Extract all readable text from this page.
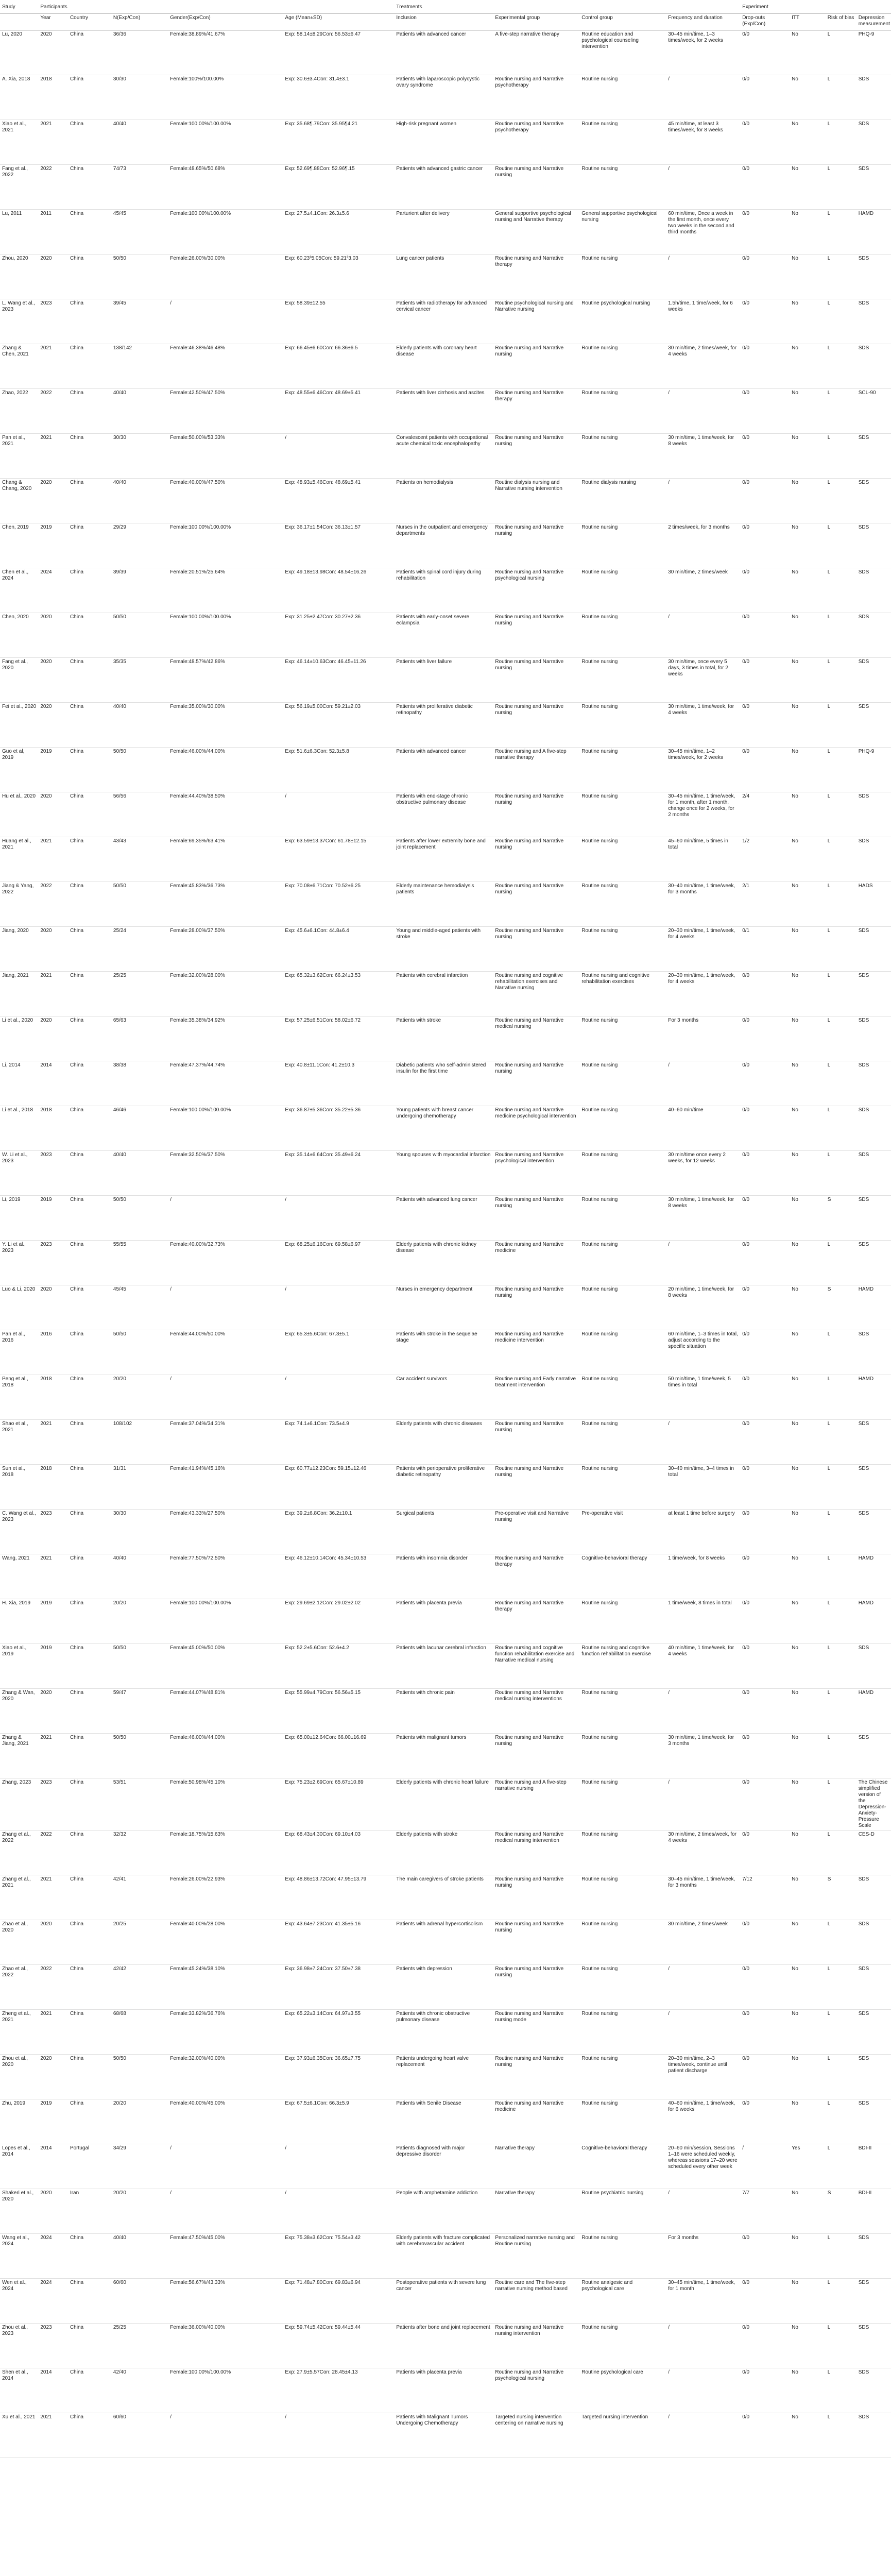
Study	Participants					Treatments				Experiment			
	Year	Country	N(Exp/Con)	Gender(Exp/Con)	Age (Mean±SD)	Inclusion	Experimental group	Control group	Frequency and duration	Drop-outs (Exp/Con)	ITT	Risk of bias	Depression measurement
Lu, 2020	2020	China	36/36	Female:38.89%/41.67%	Exp: 58.14±8.29Con: 56.53±6.47	Patients with advanced cancer	A five-step narrative therapy	Routine education and psychological counseling intervention	30–45 min/time, 1–3 times/week, for 2 weeks	0/0	No	L	PHQ-9
A. Xia, 2018	2018	China	30/30	Female:100%/100.00%	Exp: 30.6±3.4Con: 31.4±3.1	Patients with laparoscopic polycystic ovary syndrome	Routine nursing and Narrative psychotherapy	Routine nursing	/	0/0	No	L	SDS
Xiao et al., 2021	2021	China	40/40	Female:100.00%/100.00%	Exp: 35.68¶.79Con: 35.95¶4.21	High-risk pregnant women	Routine nursing and Narrative psychotherapy	Routine nursing	45 min/time, at least 3 times/week, for 8 weeks	0/0	No	L	SDS
Fang et al., 2022	2022	China	74/73	Female:48.65%/50.68%	Exp: 52.69¶.88Con: 52.96¶.15	Patients with advanced gastric cancer	Routine nursing and Narrative nursing	Routine nursing	/	0/0	No	L	SDS
Lu, 2011	2011	China	45/45	Female:100.00%/100.00%	Exp: 27.5±4.1Con: 26.3±5.6	Parturient after delivery	General supportive psychological nursing and Narrative therapy	General supportive psychological nursing	60 min/time, Once a week in the first month, once every two weeks in the second and third months	0/0	No	L	HAMD
Zhou, 2020	2020	China	50/50	Female:26.00%/30.00%	Exp: 60.23³5.05Con: 59.21³3.03	Lung cancer patients	Routine nursing and Narrative therapy	Routine nursing	/	0/0	No	L	SDS
L. Wang et al., 2023	2023	China	39/45	/	Exp: 58.39±12.55	Patients with radiotherapy for advanced cervical cancer	Routine psychological nursing and Narrative nursing	Routine psychological nursing	1.5h/time, 1 time/week, for 6 weeks	0/0	No	L	SDS
Zhang & Chen, 2021	2021	China	138/142	Female:46.38%/46.48%	Exp: 66.45±6.60Con: 66.36±6.5	Elderly patients with coronary heart disease	Routine nursing and Narrative nursing	Routine nursing	30 min/time, 2 times/week, for 4 weeks	0/0	No	L	SDS
Zhao, 2022	2022	China	40/40	Female:42.50%/47.50%	Exp: 48.55±6.46Con: 48.69±5.41	Patients with liver cirrhosis and ascites	Routine nursing and Narrative therapy	Routine nursing	/	0/0	No	L	SCL-90
Pan et al., 2021	2021	China	30/30	Female:50.00%/53.33%	/	Convalescent patients with occupational acute chemical toxic encephalopathy	Routine nursing and Narrative nursing	Routine nursing	30 min/time, 1 time/week, for 8 weeks	0/0	No	L	SDS
Chang & Chang, 2020	2020	China	40/40	Female:40.00%/47.50%	Exp: 48.93±5.46Con: 48.69±5.41	Patients on hemodialysis	Routine dialysis nursing and Narrative nursing intervention	Routine dialysis nursing	/	0/0	No	L	SDS
Chen, 2019	2019	China	29/29	Female:100.00%/100.00%	Exp: 36.17±1.54Con: 36.13±1.57	Nurses in the outpatient and emergency departments	Routine nursing and Narrative nursing	Routine nursing	2 times/week, for 3 months	0/0	No	L	SDS
Chen et al., 2024	2024	China	39/39	Female:20.51%/25.64%	Exp: 49.18±13.98Con: 48.54±16.26	Patients with spinal cord injury during rehabilitation	Routine nursing and Narrative psychological nursing	Routine nursing	30 min/time, 2 times/week	0/0	No	L	SDS
Chen, 2020	2020	China	50/50	Female:100.00%/100.00%	Exp: 31.25±2.47Con: 30.27±2.36	Patients with early-onset severe eclampsia	Routine nursing and Narrative nursing	Routine nursing	/	0/0	No	L	SDS
Fang et al., 2020	2020	China	35/35	Female:48.57%/42.86%	Exp: 46.14±10.63Con: 46.45±11.26	Patients with liver failure	Routine nursing and Narrative nursing	Routine nursing	30 min/time, once every 5 days, 3 times in total, for 2 weeks	0/0	No	L	SDS
Fei et al., 2020	2020	China	40/40	Female:35.00%/30.00%	Exp: 56.19±5.00Con: 59.21±2.03	Patients with proliferative diabetic retinopathy	Routine nursing and Narrative nursing	Routine nursing	30 min/time, 1 time/week, for 4 weeks	0/0	No	L	SDS
Guo et al, 2019	2019	China	50/50	Female:46.00%/44.00%	Exp: 51.6±6.3Con: 52.3±5.8	Patients with advanced cancer	Routine nursing and A five-step narrative therapy	Routine nursing	30–45 min/time, 1–2 times/week, for 2 weeks	0/0	No	L	PHQ-9
Hu et al., 2020	2020	China	56/56	Female:44.40%/38.50%	/	Patients with end-stage chronic obstructive pulmonary disease	Routine nursing and Narrative nursing	Routine nursing	30–45 min/time, 1 time/week, for 1 month, after 1 month, change once for 2 weeks, for 2 months	2/4	No	L	SDS
Huang et al., 2021	2021	China	43/43	Female:69.35%/63.41%	Exp: 63.59±13.37Con: 61.78±12.15	Patients after lower extremity bone and joint replacement	Routine nursing and Narrative nursing	Routine nursing	45–60 min/time, 5 times in total	1/2	No	L	SDS
Jiang & Yang, 2022	2022	China	50/50	Female:45.83%/36.73%	Exp: 70.08±6.71Con: 70.52±6.25	Elderly maintenance hemodialysis patients	Routine nursing and Narrative nursing	Routine nursing	30–40 min/time, 1 time/week, for 3 months	2/1	No	L	HADS
Jiang, 2020	2020	China	25/24	Female:28.00%/37.50%	Exp: 45.6±6.1Con: 44.8±6.4	Young and middle-aged patients with stroke	Routine nursing and Narrative nursing	Routine nursing	20–30 min/time, 1 time/week, for 4 weeks	0/1	No	L	SDS
Jiang, 2021	2021	China	25/25	Female:32.00%/28.00%	Exp: 65.32±3.62Con: 66.24±3.53	Patients with cerebral infarction	Routine nursing and cognitive rehabilitation exercises and Narrative nursing	Routine nursing and cognitive rehabilitation exercises	20–30 min/time, 1 time/week, for 4 weeks	0/0	No	L	SDS
Li et al., 2020	2020	China	65/63	Female:35.38%/34.92%	Exp: 57.25±6.51Con: 58.02±6.72	Patients with stroke	Routine nursing and Narrative medical nursing	Routine nursing	For 3 months	0/0	No	L	SDS
Li, 2014	2014	China	38/38	Female:47.37%/44.74%	Exp: 40.8±11.1Con: 41.2±10.3	Diabetic patients who self-administered insulin for the first time	Routine nursing and Narrative nursing	Routine nursing	/	0/0	No	L	SDS
Li et al., 2018	2018	China	46/46	Female:100.00%/100.00%	Exp: 36.87±5.36Con: 35.22±5.36	Young patients with breast cancer undergoing chemotherapy	Routine nursing and Narrative medicine psychological intervention	Routine nursing	40–60 min/time	0/0	No	L	SDS
W. Li et al., 2023	2023	China	40/40	Female:32.50%/37.50%	Exp: 35.14±6.64Con: 35.49±6.24	Young spouses with myocardial infarction	Routine nursing and Narrative psychological intervention	Routine nursing	30 min/time once every 2 weeks, for 12 weeks	0/0	No	L	SDS
Li, 2019	2019	China	50/50	/	/	Patients with advanced lung cancer	Routine nursing and Narrative nursing	Routine nursing	30 min/time, 1 time/week, for 8 weeks	0/0	No	S	SDS
Y. Li et al., 2023	2023	China	55/55	Female:40.00%/32.73%	Exp: 68.25±6.16Con: 69.58±6.97	Elderly patients with chronic kidney disease	Routine nursing and Narrative medicine	Routine nursing	/	0/0	No	L	SDS
Luo & Li, 2020	2020	China	45/45	/	/	Nurses in emergency department	Routine nursing and Narrative nursing	Routine nursing	20 min/time, 1 time/week, for 8 weeks	0/0	No	S	HAMD
Pan et al., 2016	2016	China	50/50	Female:44.00%/50.00%	Exp: 65.3±5.6Con: 67.3±5.1	Patients with stroke in the sequelae stage	Routine nursing and Narrative medicine intervention	Routine nursing	60 min/time, 1–3 times in total, adjust according to the specific situation	0/0	No	L	SDS
Peng et al., 2018	2018	China	20/20	/	/	Car accident survivors	Routine nursing and Early narrative treatment intervention	Routine nursing	50 min/time, 1 time/week, 5 times in total	0/0	No	L	HAMD
Shao et al., 2021	2021	China	108/102	Female:37.04%/34.31%	Exp: 74.1±6.1Con: 73.5±4.9	Elderly patients with chronic diseases	Routine nursing and Narrative nursing	Routine nursing	/	0/0	No	L	SDS
Sun et al., 2018	2018	China	31/31	Female:41.94%/45.16%	Exp: 60.77±12.23Con: 59.15±12.46	Patients with perioperative proliferative diabetic retinopathy	Routine nursing and Narrative nursing	Routine nursing	30–40 min/time, 3–4 times in total	0/0	No	L	SDS
C. Wang et al., 2023	2023	China	30/30	Female:43.33%/27.50%	Exp: 39.2±6.8Con: 36.2±10.1	Surgical patients	Pre-operative visit and Narrative nursing	Pre-operative visit	at least 1 time before surgery	0/0	No	L	SDS
Wang, 2021	2021	China	40/40	Female:77.50%/72.50%	Exp: 46.12±10.14Con: 45.34±10.53	Patients with insomnia disorder	Routine nursing and Narrative therapy	Cognitive-behavioral therapy	1 time/week, for 8 weeks	0/0	No	L	HAMD
H. Xia, 2019	2019	China	20/20	Female:100.00%/100.00%	Exp: 29.69±2.12Con: 29.02±2.02	Patients with placenta previa	Routine nursing and Narrative therapy	Routine nursing	1 time/week, 8 times in total	0/0	No	L	HAMD
Xiao et al., 2019	2019	China	50/50	Female:45.00%/50.00%	Exp: 52.2±5.6Con: 52.6±4.2	Patients with lacunar cerebral infarction	Routine nursing and cognitive function rehabilitation exercise and Narrative medical nursing	Routine nursing and cognitive function rehabilitation exercise	40 min/time, 1 time/week, for 4 weeks	0/0	No	L	SDS
Zhang & Wan, 2020	2020	China	59/47	Female:44.07%/48.81%	Exp: 55.99±4.79Con: 56.56±5.15	Patients with chronic pain	Routine nursing and Narrative medical nursing interventions	Routine nursing	/	0/0	No	L	HAMD
Zhang & Jiang, 2021	2021	China	50/50	Female:46.00%/44.00%	Exp: 65.00±12.64Con: 66.00±16.69	Patients with malignant tumors	Routine nursing and Narrative nursing	Routine nursing	30 min/time, 1 time/week, for 3 months	0/0	No	L	SDS
Zhang, 2023	2023	China	53/51	Female:50.98%/45.10%	Exp: 75.23±2.69Con: 65.67±10.89	Elderly patients with chronic heart failure	Routine nursing and A five-step narrative nursing	Routine nursing	/	0/0	No	L	The Chinese simplified version of the Depression-Anxiety-Pressure Scale
Zhang et al., 2022	2022	China	32/32	Female:18.75%/15.63%	Exp: 68.43±4.30Con: 69.10±4.03	Elderly patients with stroke	Routine nursing and Narrative medical nursing intervention	Routine nursing	30 min/time, 2 times/week, for 4 weeks	0/0	No	L	CES-D
Zhang et al., 2021	2021	China	42/41	Female:26.00%/22.93%	Exp: 48.86±13.72Con: 47.95±13.79	The main caregivers of stroke patients	Routine nursing and Narrative nursing	Routine nursing	30–45 min/time, 1 time/week, for 3 months	7/12	No	S	SDS
Zhao et al., 2020	2020	China	20/25	Female:40.00%/28.00%	Exp: 43.64±7.23Con: 41.35±5.16	Patients with adrenal hypercortisolism	Routine nursing and Narrative nursing	Routine nursing	30 min/time, 2 times/week	0/0	No	L	SDS
Zhao et al., 2022	2022	China	42/42	Female:45.24%/38.10%	Exp: 36.98±7.24Con: 37.50±7.38	Patients with depression	Routine nursing and Narrative nursing	Routine nursing	/	0/0	No	L	SDS
Zheng et al., 2021	2021	China	68/68	Female:33.82%/36.76%	Exp: 65.22±3.14Con: 64.97±3.55	Patients with chronic obstructive pulmonary disease	Routine nursing and Narrative nursing mode	Routine nursing	/	0/0	No	L	SDS
Zhou et al., 2020	2020	China	50/50	Female:32.00%/40.00%	Exp: 37.93±6.35Con: 36.65±7.75	Patients undergoing heart valve replacement	Routine nursing and Narrative nursing	Routine nursing	20–30 min/time, 2–3 times/week, continue until patient discharge	0/0	No	L	SDS
Zhu, 2019	2019	China	20/20	Female:40.00%/45.00%	Exp: 67.5±6.1Con: 66.3±5.9	Patients with Senile Disease	Routine nursing and Narrative medicine	Routine nursing	40–60 min/time, 1 time/week, for 6 weeks	0/0	No	L	SDS
Lopes et al., 2014	2014	Portugal	34/29	/	/	Patients diagnosed with major depressive disorder	Narrative therapy	Cognitive-behavioral therapy	20–60 min/session, Sessions 1–16 were scheduled weekly, whereas sessions 17–20 were scheduled every other week	/	Yes	L	BDI-II
Shakeri et al., 2020	2020	Iran	20/20	/	/	People with amphetamine addiction	Narrative therapy	Routine psychiatric nursing	/	7/7	No	S	BDI-II
Wang et al., 2024	2024	China	40/40	Female:47.50%/45.00%	Exp: 75.38±3.62Con: 75.54±3.42	Elderly patients with fracture complicated with cerebrovascular accident	Personalized narrative nursing and Routine nursing	Routine nursing	For 3 months	0/0	No	L	SDS
Wen et al., 2024	2024	China	60/60	Female:56.67%/43.33%	Exp: 71.48±7.80Con: 69.83±6.94	Postoperative patients with severe lung cancer	Routine care and The five-step narrative nursing method based	Routine analgesic and psychological care	30–45 min/time, 1 time/week, for 1 month	0/0	No	L	SDS
Zhou et al., 2023	2023	China	25/25	Female:36.00%/40.00%	Exp: 59.74±5.42Con: 59.44±5.44	Patients after bone and joint replacement	Routine nursing and Narrative nursing intervention	Routine nursing	/	0/0	No	L	SDS
Shen et al., 2014	2014	China	42/40	Female:100.00%/100.00%	Exp: 27.9±5.57Con: 28.45±4.13	Patients with placenta previa	Routine nursing and Narrative psychological nursing	Routine psychological care	/	0/0	No	L	SDS
Xu et al., 2021	2021	China	60/60	/	/	Patients with Malignant Tumors Undergoing Chemotherapy	Targeted nursing intervention centering on narrative nursing	Targeted nursing intervention	/	0/0	No	L	SDS
